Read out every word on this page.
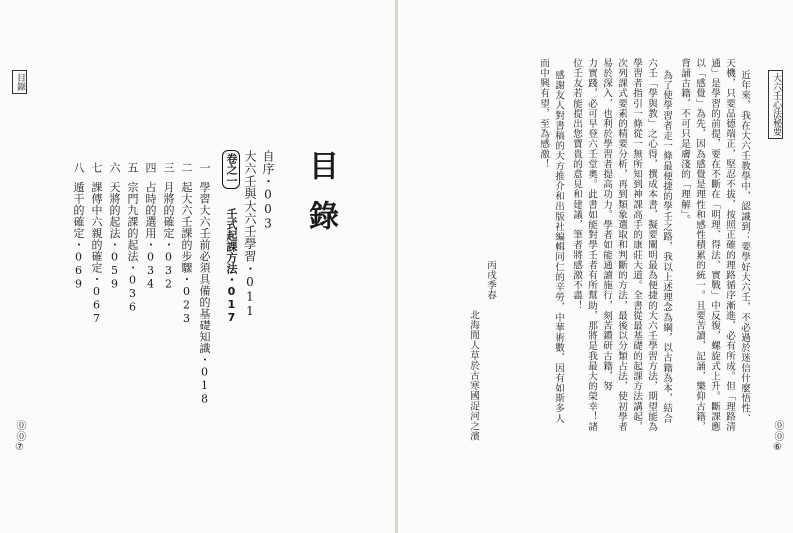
目錄
⓪⓪⑦
目錄
自序・003
大六壬與大六壬學習・011
卷之一 壬式起課方法・017
一學習大六壬前必須具備的基礎知識・018
二起大六壬課的步驟・023
三月將的確定・032
四占時的選用・034
五宗門九課的起法・036
六天將的起法・059
七課傳中六親的確定・067
八遁干的確定・069
大六壬心法秘要
⓪⓪⑥
近年來，我在大六壬教學中，認識到：要學好大六壬，不必過於迷信什麼悟性、
天機，只要品德端正，堅忍不拔，按照正確的理路循序漸進，必有所成。但「理路清
通」是學習的前提，要在不斷在「明理、得法、實戰」中反復，螺旋式上升。斷課應
以「感覺」為先，因為感覺是理性和感性積累的統一。且要苦讀，記誦，樂仰古籍，
背誦古籍，不可只是膚淺的「理解」。
為了使學習者走一條最便捷的學壬之路，我以上述理念為綱，以古籍為本，結合
六壬「學與教」之心得，撰成本書，擬要闡明最為便捷的大六壬學習方法，期望能為
學習者指引一條從一無所知到神課高手的康莊大道。全書從最基礎的起課方法講起，
次列課式要素的精要分析，再到類象選取和判斷的方法，最後以分類占法，使初學者
易於深入，也利於學習者提高功力。學者如能通讀施行，刻苦鑽研古籍，努
力實踐，必可早登六壬堂奧。此書如能對學壬者有所幫助，那將是我最大的榮幸！諸
位壬友若能提出您寶貴的意見和建議，筆者將感激不盡！
感謝友人對書稿的大方推介和出版社編輯同仁的辛勞，中華術數，因有如斯多人
而中興有望，至為感激！
丙戌季春
北海閒人草於古寒國浞河之濱
